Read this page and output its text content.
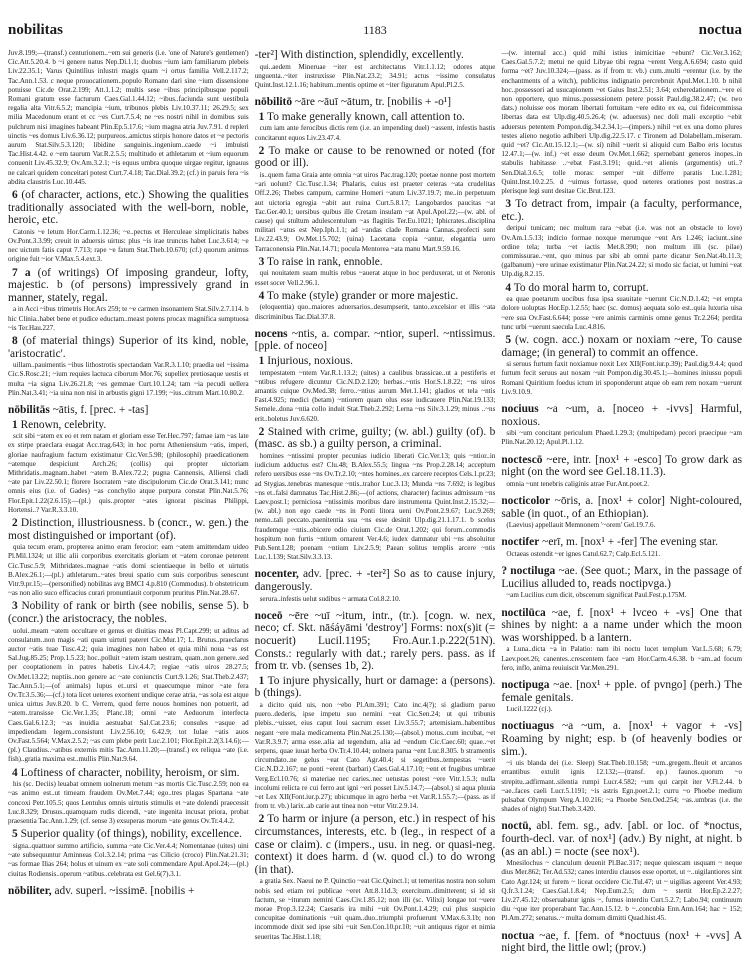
nobilitas	1183	noctua

Juv.8.199;—(transf.) centurionem..~em sui generis (i.e. 'one of Nature's gentlemen') Cic.Att.5.20.4. b ~i genere natus Nep.Di.1.1; duobus ~ium iam familiarum plebeis Liv.22.35.1; Varus Quintilius inlustri magis quam ~i ortus familia Vell.2.117.2; Tac.Ann.1.53. c neque prouocationem..populo Romano dari sine ~ium dissensione potuisse Cic.de Orat.2.199; Att.1.1.2; multis sese ~ibus principibusque populi Romani gratum esse facturum Caes.Gal.1.44.12; ~ibus..faciunda sunt uestibula regalia alta Vitr.6.5.2; mancipia ~ium, tribunos plebis Liv.10.37.11; 26.29.5; sex milia Macedonum erant et cc ~es Curt.7.5.4; ne ~es nostri nihil in domibus suis pulchrum nisi imagines habeant Plin.Ep.5.17.6; ~ium magna atria Juv.7.91. d repleri uinctis ~es domus Liv.6.36.12; purpureos..amictus stirpis honore datos et ~e pectoris aurum Stat.Silv.5.3.120; libidine sanguinis..ingenium..caede ~i imbuisti Tac.Hist.4.42. e ~em taurum Var.R.2.5.5; multitudo et athletarum et ~ium equorum conuenit Liv.45.32.9; Ov.Am.3.2.1; ~is equus umbra quoque uirgae regitur, ignauus ne calcari quidem conceitari potest Curt.7.4.18; Tac.Dial.39.2; (cf.) in paruis fera ~is abdita claustris Luc.10.445.

6 (of character, actions, etc.) Showing the qualities traditionally associated with the well-born, noble, heroic, etc.

Catonis ~e letum Hor.Carm.1.12.36; ~e..pectus et Herculeae simplicitatis habes Ov.Pont.3.3.99; creuit in aduersis uirtus: plus ~is irae truncus habet Luc.3.614; ~e nec uictum fatis caput 7.713; rape ~e fatum Stat.Theb.10.670; (cf.) quorum animus origine fuit ~ior V.Max.5.4.ext.3.

7 a (of writings) Of imposing grandeur, lofty, majestic. b (of persons) impressively grand in manner, stately, regal.

a in Acci ~ibus trimetris Hor.Ars 259; te ~e carmen insonantem Stat.Silv.2.7.114. b hic Clinia..habet bene et pudice eductam..meast potens procax magnifica sumptuosa ~is Ter.Hau.227.

8 (of material things) Superior of its kind, noble, 'aristocratic'.

uillam..pauimentis ~ibus lithostrotis spectandam Var.R.3.1.10; praedia uel ~issima Cic.S.Rosc.21; ~ium requies lactuca ciborum Mor.76; supellex pretiosaque uestis et multa ~ia signa Liv.26.21.8; ~es gemmae Curt.10.1.24; tam ~ia pecudi uellera Plin.Nat.3.41; ~ia uina non nisi in arbustis gigni 17.199; ~ius..citrum Mart.10.80.2.

nōbilitās ~ātis, f. [prec. + -tas]

1 Renown, celebrity.

scit sibi ~atem ex eo et rem natam et gloriam esse Ter.Hec.797; famae iam ~as late ex stirpe praeclara euagat Acc.trag.643; in hoc portu Atheniensium ~atis, imperi, gloriae naufragium factum existimatur Cic.Ver.5.98; (philosophi) praedicationem ~atemque despiciunt Arch.26; (collis) qui propter uictoriam Mithridatis..magnam..habet ~atem B.Alex.72.2; pugna Cannensis, Alliensi cladi ~ate par Liv.22.50.1; florere Isocratem ~ate discipulorum Cic.de Orat.3.141; nunc omnis eius (i.e. of Gades) ~as conchylio atque purpura constat Plin.Nat.5.76; Flor.Epit.1.22(2.6.15);—(pl.) quis..propter ~ates ignorat piscinas Philippi, Hortensi..? Var.R.3.3.10.

2 Distinction, illustriousness. b (concr., w. gen.) the most distinguished or important (of).

quia tecum eram, propterea animo eram ferocior: eam ~atem amittendam uideo Pl.Mil.1324; ut illic alii corporibus exercitatis gloriam et ~atem coronae peterent Cic.Tusc.5.9; Mithridates..magnae ~atis domi scientiaeque in bello et uirtutis B.Alex.26.1;—(pl.) athletarum..~ates breui spatio cum suis corporibus senescunt Vitr.9.pr.15;—(personified) nobilitas avg BMCI 4.p.810 (Commodus). b obstetricum ~as non alio suco efficacius curari pronuntiauit corporum pruritus Plin.Nat.28.67.

3 Nobility of rank or birth (see nobilis, sense 5). b (concr.) the aristocracy, the nobles.

uolui..meam ~atem occultare et genus et diuitias meas Pl.Capt.299; ut aditus ad consulatum..non magis ~ati quam uirtuti pateret Cic.Mur.17; L. Brutus..praeclarus auctor ~atis tuae Tusc.4.2; quia imagines non habeo et quia mihi noua ~as est Sal.Jug.85.25; Prop.1.5.23; hoc..polluit ~atem istam uestram, quam..non genere..sed per cooptationem in patres habetis Liv.4.4.7; regiae ~atis uiros 28.27.5; Ov.Met.13.22; nuptiis..non genere ac ~ate coniunctis Curt.9.1.26; Stat.Theb.2.437; Tac.Ann.5.1;—(of animals) lupus et..ursi et quaecumque minor ~ate fera Ov.Tr.3.5.36;—(cf.) tota licet ueteres exornent undique cerae atria, ~as sola est atque unica uirtus Juv.8.20. b C. Verrem, quod ferre nouos homines non potuerit, ad ~atem..transisse Cic.Ver.1.35; Planc.18; omni ~ate Aeduorum interfecta Caes.Gal.6.12.3; ~as inuidia aestuabat Sal.Cat.23.6; consules ~asque ad impediendam legem..consistunt Liv.2.56.10; 6.42.9; tot Iulae ~atis auos Ov.Fast.5.564; V.Max.2.5.2; ~as cum plebe perit Luc.2.101; Flor.Epit.2.2(3.14.6);—(pl.) Claudius..~atibus externis mitis Tac.Ann.11.20;—(transf.) ex reliqua ~ate (i.e. fish)..gratia maxima est..mullis Plin.Nat.9.64.

4 Loftiness of character, nobility, heroism, or sim.

his (sc. Deciis) leuabat omnem uolnerum metum ~as mortis Cic.Tusc.2.59; non ea ~as animo est..ut timeam fraudem Ov.Met.7.44; ego..tres plagas Spartana ~ate concoxi Petr.105.5; quos Lentulus omnis uirtutis stimulis et ~ate dolendi praecessit Luc.8.329; Drusus..quamquam rudis dicendi, ~ate ingenita incusat priora, probat praesentia Tac.Ann.1.29; (cf. sense 3) exsuperas morum ~ate genus Ov.Tr.4.4.2.

5 Superior quality (of things), nobility, excellence.

signa..quattuor summo artificio, summa ~ate Cic.Ver.4.4; Nomentanae (uites) uini ~ate subsequuntur Aminneas Col.3.2.14; prima ~as Cilicio (croco) Plin.Nat.21.31; ~as formae Ilias 264; holus et uinum ex ~ate soli commendare Apul.Apol.24;—(pl.) ciuitas Rodiensis..operum ~atibus..celebrata est Gel.6(7).3.1.

nōbiliter, adv. superl. ~issimē. [nobilis +

-ter²] With distinction, splendidly, excellently.

qui..aedem Mineruae ~iter est architectatus Vitr.1.1.12; odores atque unguenta..~iter instruxisse Plin.Nat.23.2; 34.91; actus ~issime consulatus Quint.Inst.12.1.16; habitum..mentis optime et ~iter figuratum Apul.Pl.2.5.

nōbilitō ~āre ~āuī ~ātum, tr. [nobilis + -o¹]

1 To make generally known, call attention to.

cum iam ante ferocibus dictis rem (i.e. an impending duel) ~assent, infestis hastis concitarunt equos Liv.23.47.4.

2 To make or cause to be renowned or noted (for good or ill).

is..quem fama Graia ante omnia ~at uiros Pac.trag.120; poetae nonne post mortem ~ari uolunt? Cic.Tusc.1.34; Phalaris, cuius est praeter ceteras ~ata crudelitas Off.2.26; Thebes campum, carmine Homeri ~atum Liv.37.19.7; me..in perpetuum aut uictoria egregia ~abit aut ruina Curt.5.8.17; Langobardos paucitas ~at Tac.Ger.40.1; uersibus quibus ille Cretam insulam ~at Apul.Apol.22;—(w. abl. of cause) qui stultum adulescentulum ~as flagitiis Ter.Eu.1021; Iphicrates..disciplina militari ~atus est Nep.Iph.1.1; ad ~andas clade Romana Cannas..profecti sunt Liv.22.43.9; Ov.Met.15.702; (uina) Lacetana copia ~antur, elegantia uero Tarraconensia Plin.Nat.14.71; pocula Mentorea ~ata manu Mart.9.59.16.

3 To raise in rank, ennoble.

qui nouitatem suam multis rebus ~auerat atque in hoc perduxerat, ut et Neronis esset socer Vell.2.96.1.

4 To make (style) grander or more majestic.

(eloquentia) quo..maiores aduersarios..desumpserit, tanto..excelsior et illis ~ata discriminibus Tac.Dial.37.8.

nocens ~ntis, a. compar. ~ntior, superl. ~ntissimus. [pple. of noceo]

1 Injurious, noxious.

tempestatem ~ntem Var.R.1.13.2; (uites) a caulibus brassicae..ut a pestiferis et ~ntibus refugere dicuntur Cic.N.D.2.120; herbas..~ntis Hor.S.1.8.22; ~ns uiros amantis cuique Ov.Med.38; ferro..~ntius aurum Met.1.141; gladios et tela ~ntis Fast.4.925; medici (betam) ~ntiorem quam olus esse iudicauere Plin.Nat.19.133; Semele..dona ~ntia collo induit Stat.Theb.2.292; Lerna ~ns Silv.3.1.29; minus ..~ns erit..boletus Juv.6.620.

2 Stained with crime, guilty; (w. abl.) guilty (of). b (masc. as sb.) a guilty person, a criminal.

homines ~ntissimi propter pecunias iudicio liberati Cic.Ver.13; quis ~ntior..in iudicium adductus est? Clu.48; B.Alex.55.5; lingua ~ns Prop.2.28.14; acceptum refero uersibus esse ~ns Ov.Tr.2.10; ~ntes homines..ex carcere receptos Cels.1.pr.23; ad Stygias..tenebras manesque ~ntis..trahor Luc.3.13; Munda ~ns 7.692; is legibus ~ns et..falsi damnatus Tac.Hist.2.86;—(of actions, character) facinus admissum ~ns Laev.post.1; perniciosa ~ntissimis moribus dare instrumenta Quint.Inst.2.15.32;—(w. abl.) non ego caede ~ns in Ponti litora ueni Ov.Pont.2.9.67; Luc.9.269; nemo..tali peccato..paenitentia sua ~ns esse desinit Ulp.dig.21.1.17.1. b scelus fraudemque ~ntis..obicere odio ciuium Cic.de Orat.1.202; qui forum..commodis hospitum non furtis ~ntium ornarent Ver.4.6; iudex damnatur ubi ~ns absoluitur Pub.Sent.I.28; poenam ~ntium Liv.2.5.9; Paean solitus templis arcere ~ntis Luc.1.139; Stat.Silv.3.3.13.

nocenter, adv. [prec. + -ter²] So as to cause injury, dangerously.

serura..infestis uelut sudibus ~ armata Col.8.2.10.

noceō ~ēre ~uī ~itum, intr., (tr.). [cogn. w. nex, neco; cf. Skt. nāśáyāmi 'destroy'] Forms: nox(s)it (= nocuerit) Lucil.1195; Fro.Aur.1.p.222(51N). Consts.: regularly with dat.; rarely pers. pass. as if from tr. vb. (senses 1b, 2).

1 To injure physically, hurt or damage: a (persons). b (things).

a dicito quid uis, non ~ebo Pl.Am.391; Cato inc.4(?); si gladium paruo puero..dederis, ipse impetu suo nemini ~eat Cic.Sen.24; ut qui tribunis plebis..~uisset, eius caput Ioui sacrum esset Liv.3.55.7; artemisiam..habentibus negant ~ere mala medicamenta Plin.Nat.25.130;—(absol.) motus..cum incubat, ~et Var.R.3.9.7; arma esse..alia ad tegendum, alia ad ~endum Cic.Caec.60; quae..~et serpens, quae iuuat herba Ov.Tr.4.10.44; uolnera parua ~ent Luc.8.305. b stramentis circumdato..ne gelus ~eat Cato Agr.40.4; si segetibus..tempestas ~uerit Cic.N.D.2.167; ne ponti ~erent (barbari) Caes.Gal.4.17.10; ~ent et frugibus umbrae Verg.Ecl.10.76; si materiae nec caries..nec uetustas potest ~ere Vitr.1.5.3; nulla incolumi relicta re cui ferro aut igni ~eri posset Liv.5.14.7;—(absol.) si aqua pluuia ~et Lex XII(Font.iur.p.27); ubicumque in agro herba ~et Var.R.1.55.7;—(pass. as if from tr. vb.) larix..ab carie aut tinea non ~etur Vitr.2.9.14.

2 To harm or injure (a person, etc.) in respect of his circumstances, interests, etc. b (leg., in respect of a case or claim). c (impers., usu. in neg. or quasi-neg. context) it does harm. d (w. quod cl.) to do wrong (in that).

a gratia Sex. Naeui ne P. Quinctio ~eat Cic.Quinct.1; ut temeritas nostra non solum nobis sed etiam rei publicae ~eret Att.8.11d.3; exercitum..dimitterent; si id sit factum, se ~iturum nemini Caes.Civ.1.85.12; non illi (sc. Vilixi) longae tot ~uere morae Prop.3.12.24; Caesaris ira mihi ~uit Ov.Pont.1.4.29; cui plus suspicio concupitae dominationis ~uit quam..duo..triumphi profuerunt V.Max.6.3.1b; non incommode dixit sed ipse sibi ~uit Sen.Con.10.pr.10; ~uit antiquus rigor et nimia seueritas Tac.Hist.1.18;

—(w. internal acc.) quid mihi istius inimicitiae ~ebunt? Cic.Ver.3.162; Caes.Gal.5.7.2; metui ne quid Libyae tibi regna ~erent Verg.A.6.694; casto quid forma ~et? Juv.10.324;—(pass. as if from tr. vb.) cum..multi ~erentur (i.e. by the enchantments of a witch), publicitus indignatio percrebruit Apul.Met.1.10. b nihil hoc..possessori ad usucapionem ~et Gaius Inst.2.51; 3.64; exheredationem..~ere ei non opportere, quo minus..possessionem petere possit Paul.dig.38.2.47; (w. two dats.) noluisse eos moram libertati fortuitam ~ere edito ex ea, cui fideicommissa libertas data est Ulp.dig.40.5.26.4; (w. aduersus) nec doli mali exceptio ~ebit aduersus petentem Pompon.dig.34.2.34.1;—(impers.) nihil ~et ex una domo plures testes alieno negotio adhiberi Ulp.dig.22.5.17. c Tironem ad Dolabellam..miseram. quid ~et? Cic.Att.15.12.1;—(w. si) nihil ~uerit si aliquid cum Balbo eris locutus 12.47.1;—(w. inf.) ~et esse deum Ov.Met.1.662; spernebant generos inopes..in stabulis habitasse ..~ebat Fast.3.191; quid..~et alienis (argumentis) uti..? Sen.Dial.3.6.5; tolle moras: semper ~uit differre paratis Luc.1.281; Quint.Inst.10.2.25. d ~uimus fortasse, quod ueteres orationes post nostras..a plerisque legi sunt desitae Cic.Brut.123.

3 To detract from, impair (a faculty, performance, etc.).

deripui tunicam; nec multum rara ~ebat (i.e. was not an obstacle to love) Ov.Am.1.5.13; indicio formae noxque merumque ~ent Ars 1.246; iaciunt..sine ordine tela; turba ~et iactis Met.8.390; non multum illi (sc. pilae) commissurae..~ent, quo minus par sibi ab omni parte dicatur Sen.Nat.4b.11.3; (galbanum) ~ere urinae existimatur Plin.Nat.24.22; si modo sic faciat, ut lumini ~eat Ulp.dig.8.2.15.

4 To do moral harm to, corrupt.

ea quae poetarum uocibus fusa ipsa suauitate ~uerunt Cic.N.D.1.42; ~et empta dolore uoluptas Hor.Ep.1.2.55; haec (sc. domus) aequata solo est..quia luxuria uisa ~ere sua Ov.Fast.6.644; posse ~ere animis carminis omne genus Tr.2.264; perdita tunc urbi ~uerunt saecula Luc.4.816.

5 (w. cogn. acc.) noxam or noxiam ~ere, To cause damage; (in general) to commit an offence.

si seruus furtum faxit noxiamue noxit Lex XII(Font.iur.p.39); Paul.dig.9.4.4; quod furtum fecit seruus aut noxam ~uit Pompon.dig.30.45.1;—homines iniussu populi Romani Quiritium foedus ictum iri spoponderunt atque ob eam rem noxam ~uerunt Liv.9.10.9.

nociuus ~a ~um, a. [noceo + -ivvs] Harmful, noxious.

sibi ~um concitant periculum Phaed.1.29.3; (multipedam) pecori praecipue ~am Plin.Nat.20.12; Apul.Pl.1.12.

noctescō ~ere, intr. [nox¹ + -esco] To grow dark as night (on the word see Gel.18.11.3).

omnia ~unt tenebris caliginis atrae Fur.Ant.poet.2.

nocticolor ~ōris, a. [nox¹ + color] Night-coloured, sable (in quot., of an Ethiopian).

(Laevius) appellauit Memnonem '~orem' Gel.19.7.6.

noctifer ~erī, m. [nox¹ + -fer] The evening star.

Octaeas ostendit ~er ignes Catul.62.7; Calp.Ecl.5.121.

? noctiluga ~ae. (See quot.; Marx, in the passage of Lucilius alluded to, reads noctipvga.)

~am Lucilius cum dicit, obscenum significat Paul.Fest.p.175M.

noctilūca ~ae, f. [nox¹ + lvceo + -vs] One that shines by night: a a name under which the moon was worshipped. b a lantern.

a Luna..dicta ~a in Palatio: nam ibi noctu lucet templum Var.L.5.68; 6.79; Laev.poet.26; canentes..crescentem face ~am Hor.Carm.4.6.38. b ~am..ad focum fero, inflo, anima reuiuiscit Var.Men.291.

noctipuga ~ae. [nox¹ + pple. of pvngo] (perh.) The female genitals.

Lucil.1222 (cj.).

noctiuagus ~a ~um, a. [nox¹ + vagor + -vs] Roaming by night; esp. b (of heavenly bodies or sim.).

~i uis blanda dei (i.e. Sleep) Stat.Theb.10.158; ~um..gregem..fleuit et arcanos errantibus extulit ignis 12.132;—(transf. ep.) faunos..quorum ~o strepitu..adfirmant..silentia rumpi Lucr.4.582; ~um qui carpit iter V.Fl.2.44. b ~ae..faces caeli Lucr.5.1191; ~is astris Egn.poet.2.1; curru ~o Phoebe medium pulsabat Olympum Verg.A.10.216; ~a Phoebe Sen.Oed.254; ~as..umbras (i.e. the shades of night) Stat.Theb.3.420.

noctū, abl. fem. sg., adv. [abl. or loc. of *noctus, fourth-decl. var. of nox¹] (adv.) By night, at night. b (as an abl.) = nocte (see nox¹).

Mnesilochus ~ clanculum deuenit Pl.Bac.317; neque quiescam usquam ~ neque dius Mer.862; Ter.Ad.532; canes interdiu clausos esse oportet, ut ~..uigilantiores sint Cato Agr.124; ut furem ~ liceat occidere Cic.Tul.47; ut ~ uigilias agerent Ver.4.93; Q.fr.3.1.24; Caes.Gal.1.8.4; Nep.Eum.2.5; dum ~ stertit Hor.Ep.2.2.27; Liv.27.45.12; obseruabatur ignis ~, fumus interdiu Curt.5.2.7; Labo.94; continuum diu ~que iter properabant Tac.Ann.15.12. b ~..concubia Enn.Ann.164; hac ~ 152; Pl.Am.272; senatus..~ multa domum dimitti Quad.hist.45.

noctua ~ae, f. [fem. of *noctuus (nox¹ + -vvs] A night bird, the little owl; (prov.)
